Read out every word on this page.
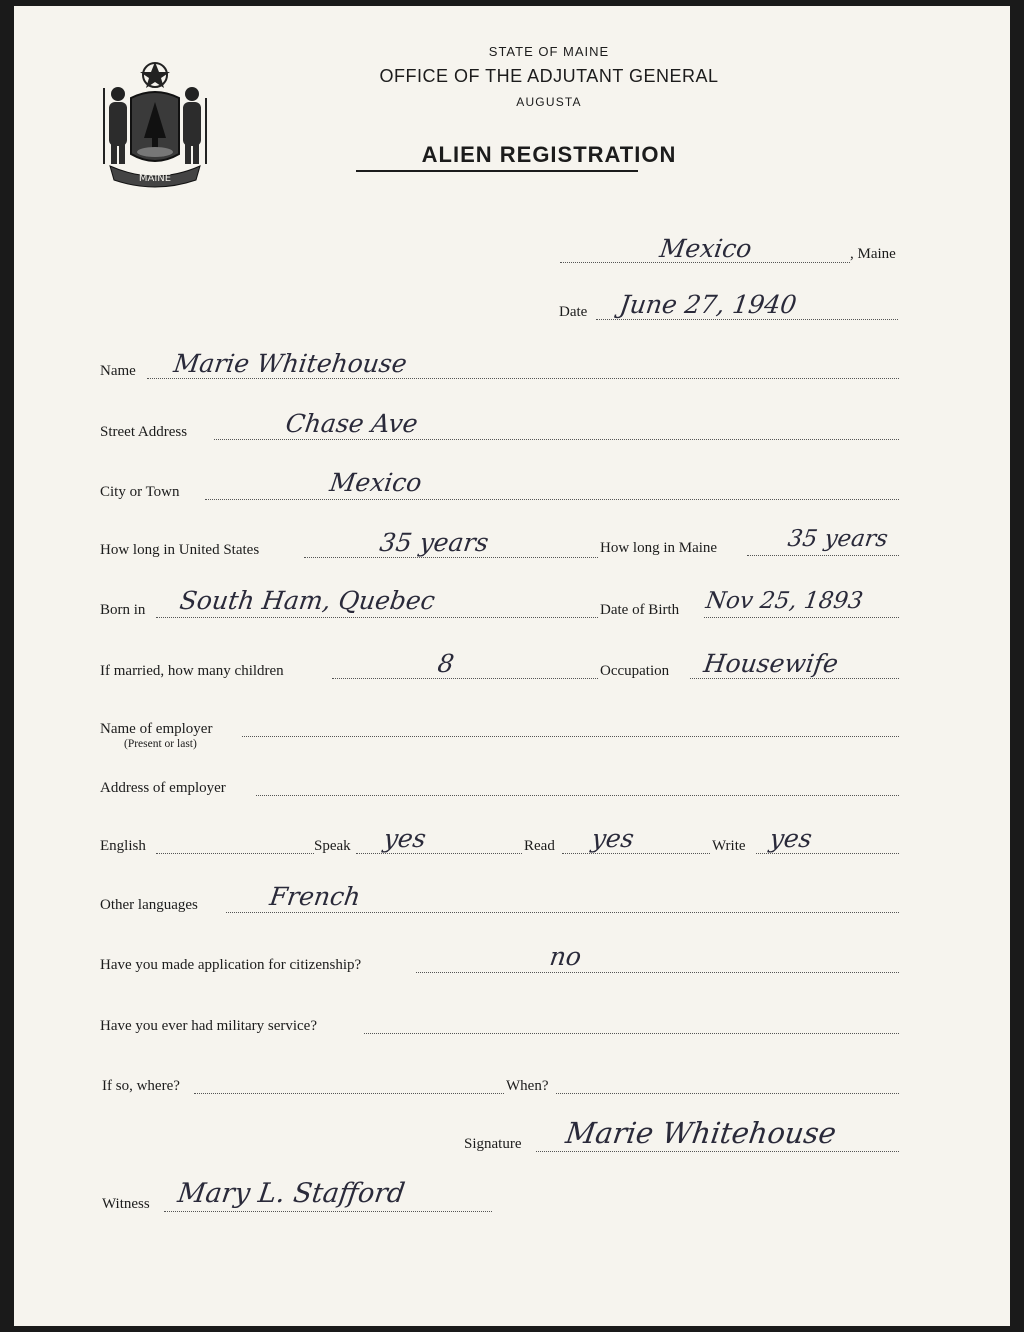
MAINE
STATE OF MAINE
OFFICE OF THE ADJUTANT GENERAL
AUGUSTA
ALIEN REGISTRATION
Mexico	, Maine
Date June 27, 1940
Name Marie Whitehouse
Street Address	Chase Ave
City or Town	Mexico
How long in United States	35 years	How long in Maine	35 years
Born in South Ham, Quebec	Date of Birth Nov 25, 1893
If married, how many children	8	Occupation Housewife
Name of employer
(Present or last)
Address of employer
English	Speak yes	Read yes	Write yes
Other languages	French
Have you made application for citizenship?	no
Have you ever had military service?
If so, where?	When?
Signature Marie Whitehouse
Witness Mary L. Stafford
